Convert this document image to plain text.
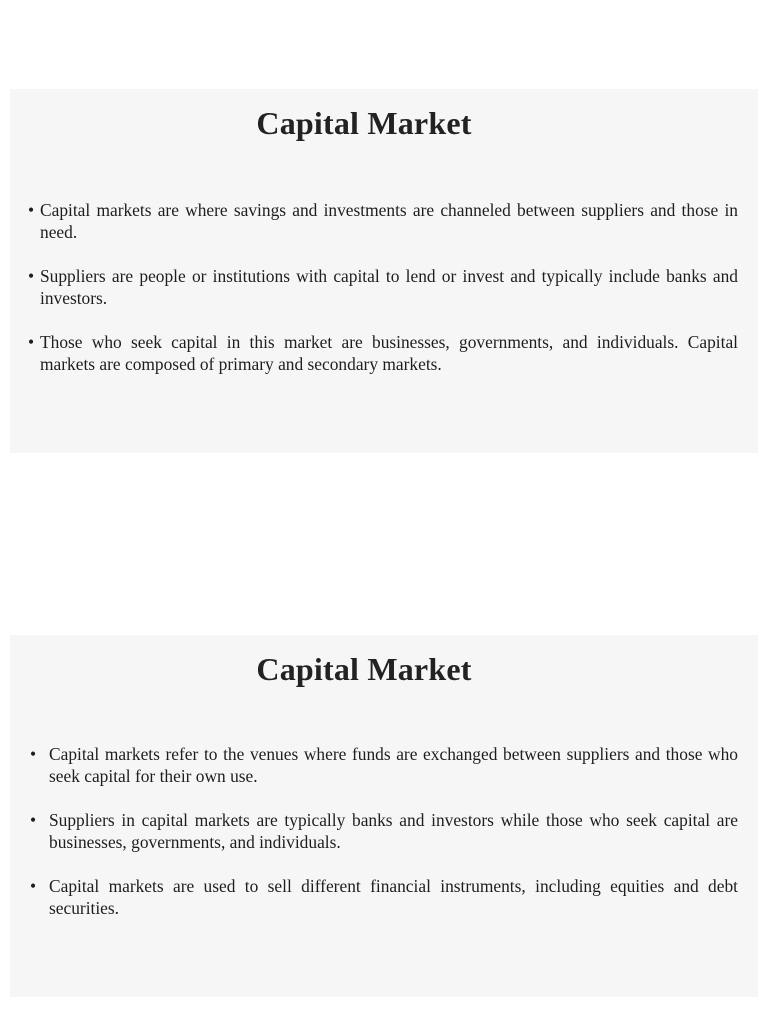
Capital Market
• Capital markets are where savings and investments are channeled between suppliers and those in need.
• Suppliers are people or institutions with capital to lend or invest and typically include banks and investors.
• Those who seek capital in this market are businesses, governments, and individuals. Capital markets are composed of primary and secondary markets.
Capital Market
• Capital markets refer to the venues where funds are exchanged between suppliers and those who seek capital for their own use.
• Suppliers in capital markets are typically banks and investors while those who seek capital are businesses, governments, and individuals.
• Capital markets are used to sell different financial instruments, including equities and debt securities.
